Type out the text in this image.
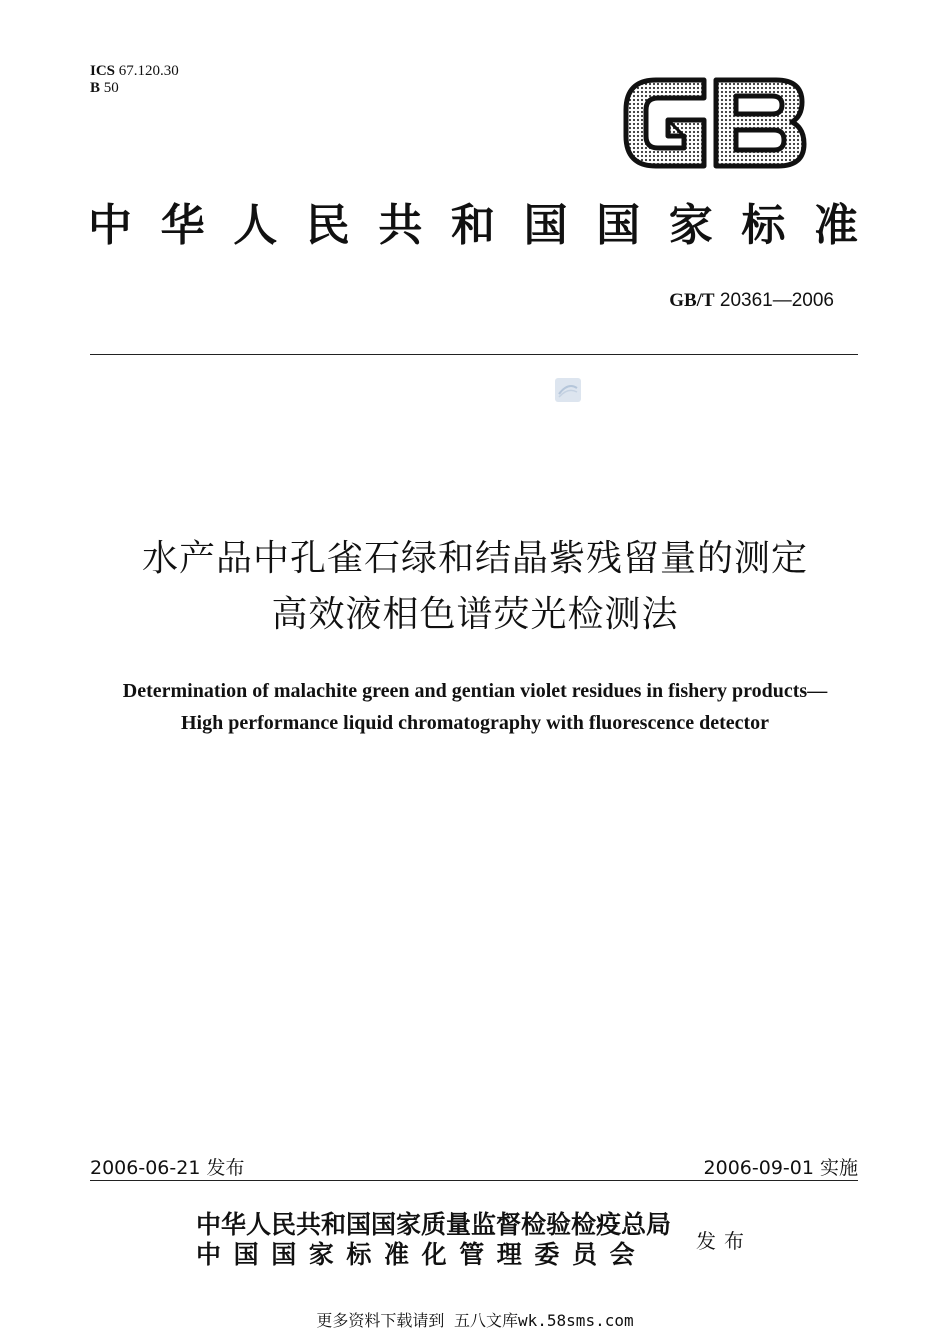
ICS 67.120.30
B 50
中华人民共和国国家标准
GB/T 20361—2006
水产品中孔雀石绿和结晶紫残留量的测定
高效液相色谱荧光检测法
Determination of malachite green and gentian violet residues in fishery products—
High performance liquid chromatography with fluorescence detector
2006-06-21 发布	2006-09-01 实施
中华人民共和国国家质量监督检验检疫总局
中国国家标准化管理委员会 发布
更多资料下载请到 五八文库wk.58sms.com
